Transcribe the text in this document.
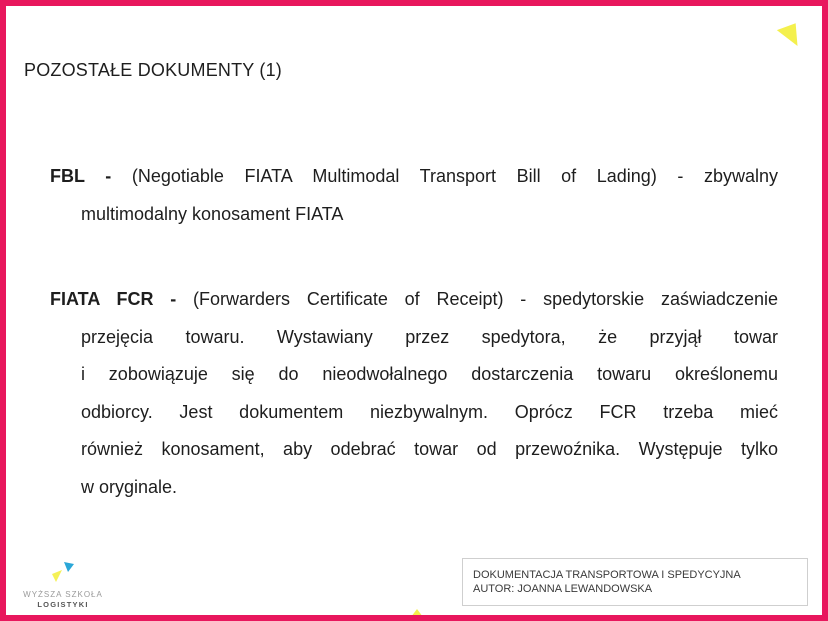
POZOSTAŁE DOKUMENTY (1)
FBL - (Negotiable FIATA Multimodal Transport Bill of Lading) - zbywalny
multimodalny konosament FIATA
FIATA FCR - (Forwarders Certificate of Receipt) - spedytorskie zaświadczenie
przejęcia towaru. Wystawiany przez spedytora, że przyjął towar
i zobowiązuje się do nieodwołalnego dostarczenia towaru określonemu
odbiorcy. Jest dokumentem niezbywalnym. Oprócz FCR trzeba mieć
również konosament, aby odebrać towar od przewoźnika. Występuje tylko
w oryginale.
WYŻSZA SZKOŁA
LOGISTYKI
DOKUMENTACJA TRANSPORTOWA I SPEDYCYJNA
AUTOR: JOANNA LEWANDOWSKA
